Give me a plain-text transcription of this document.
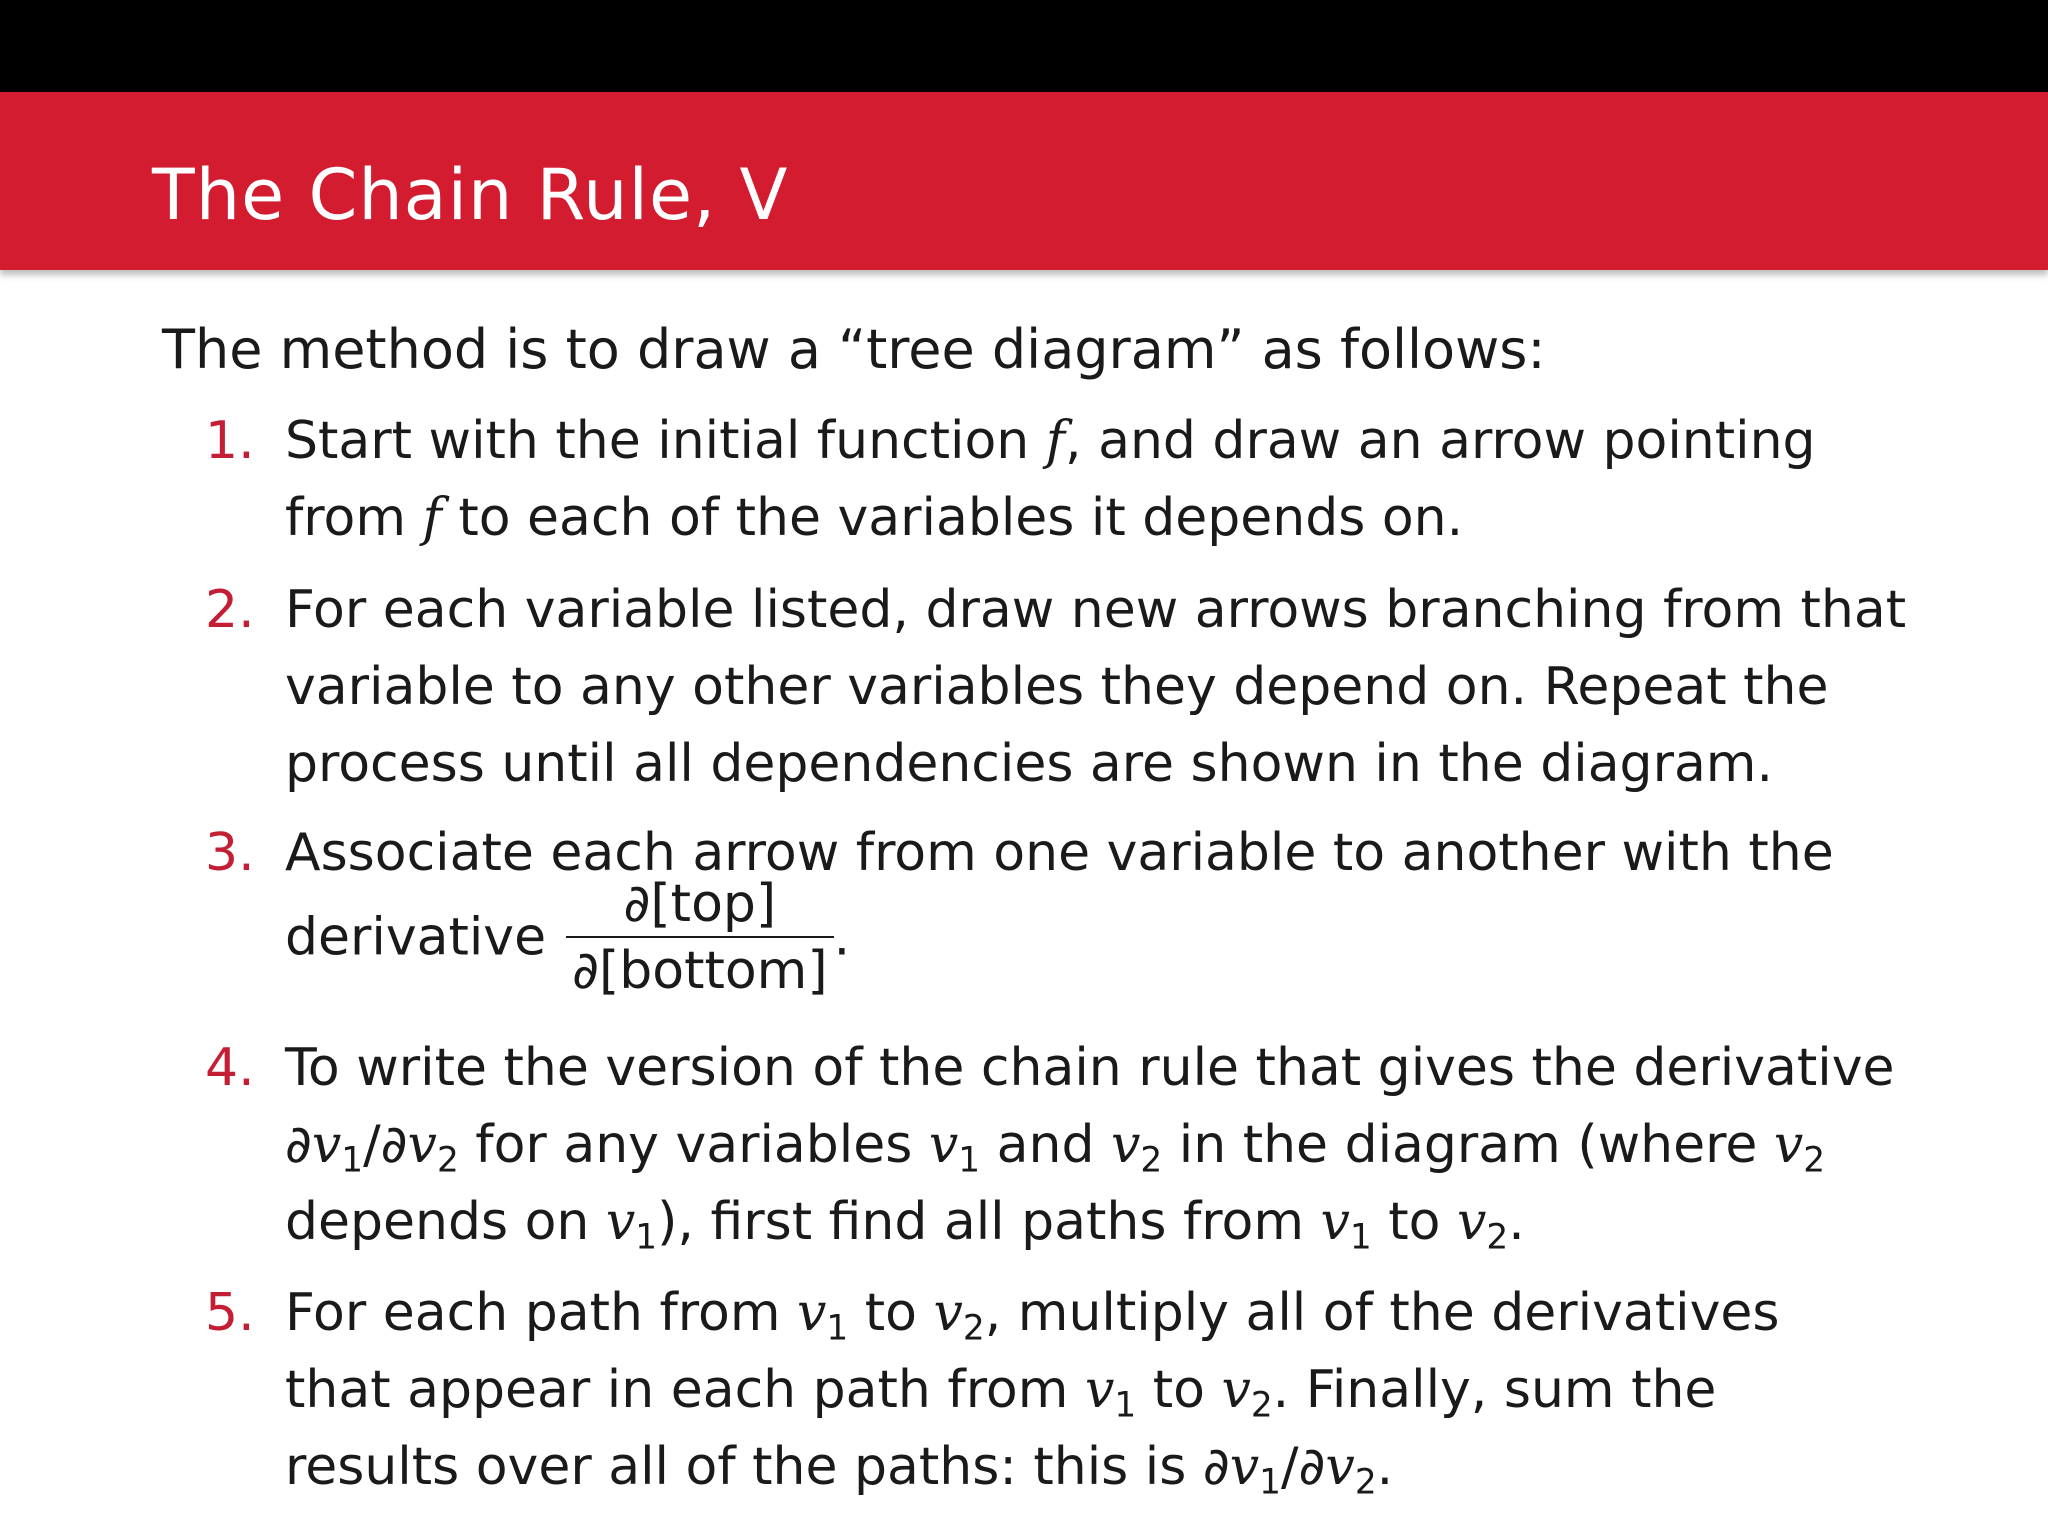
The Chain Rule, V
The method is to draw a “tree diagram” as follows:
1. Start with the initial function f, and draw an arrow pointing
from f to each of the variables it depends on.
2. For each variable listed, draw new arrows branching from that
variable to any other variables they depend on. Repeat the
process until all dependencies are shown in the diagram.
3. Associate each arrow from one variable to another with the
derivative $\frac{\text{∂[top]}}{\text{∂[bottom]}}$ .
4. To write the version of the chain rule that gives the derivative
$\partial v_1/\partial v_2$ for any variables $v_1$ and $v_2$ in the diagram (where $v_2$
depends on $v_1$), first find all paths from $v_1$ to $v_2$.
5. For each path from $v_1$ to $v_2$, multiply all of the derivatives
that appear in each path from $v_1$ to $v_2$. Finally, sum the
results over all of the paths: this is $\partial v_1/\partial v_2$.
